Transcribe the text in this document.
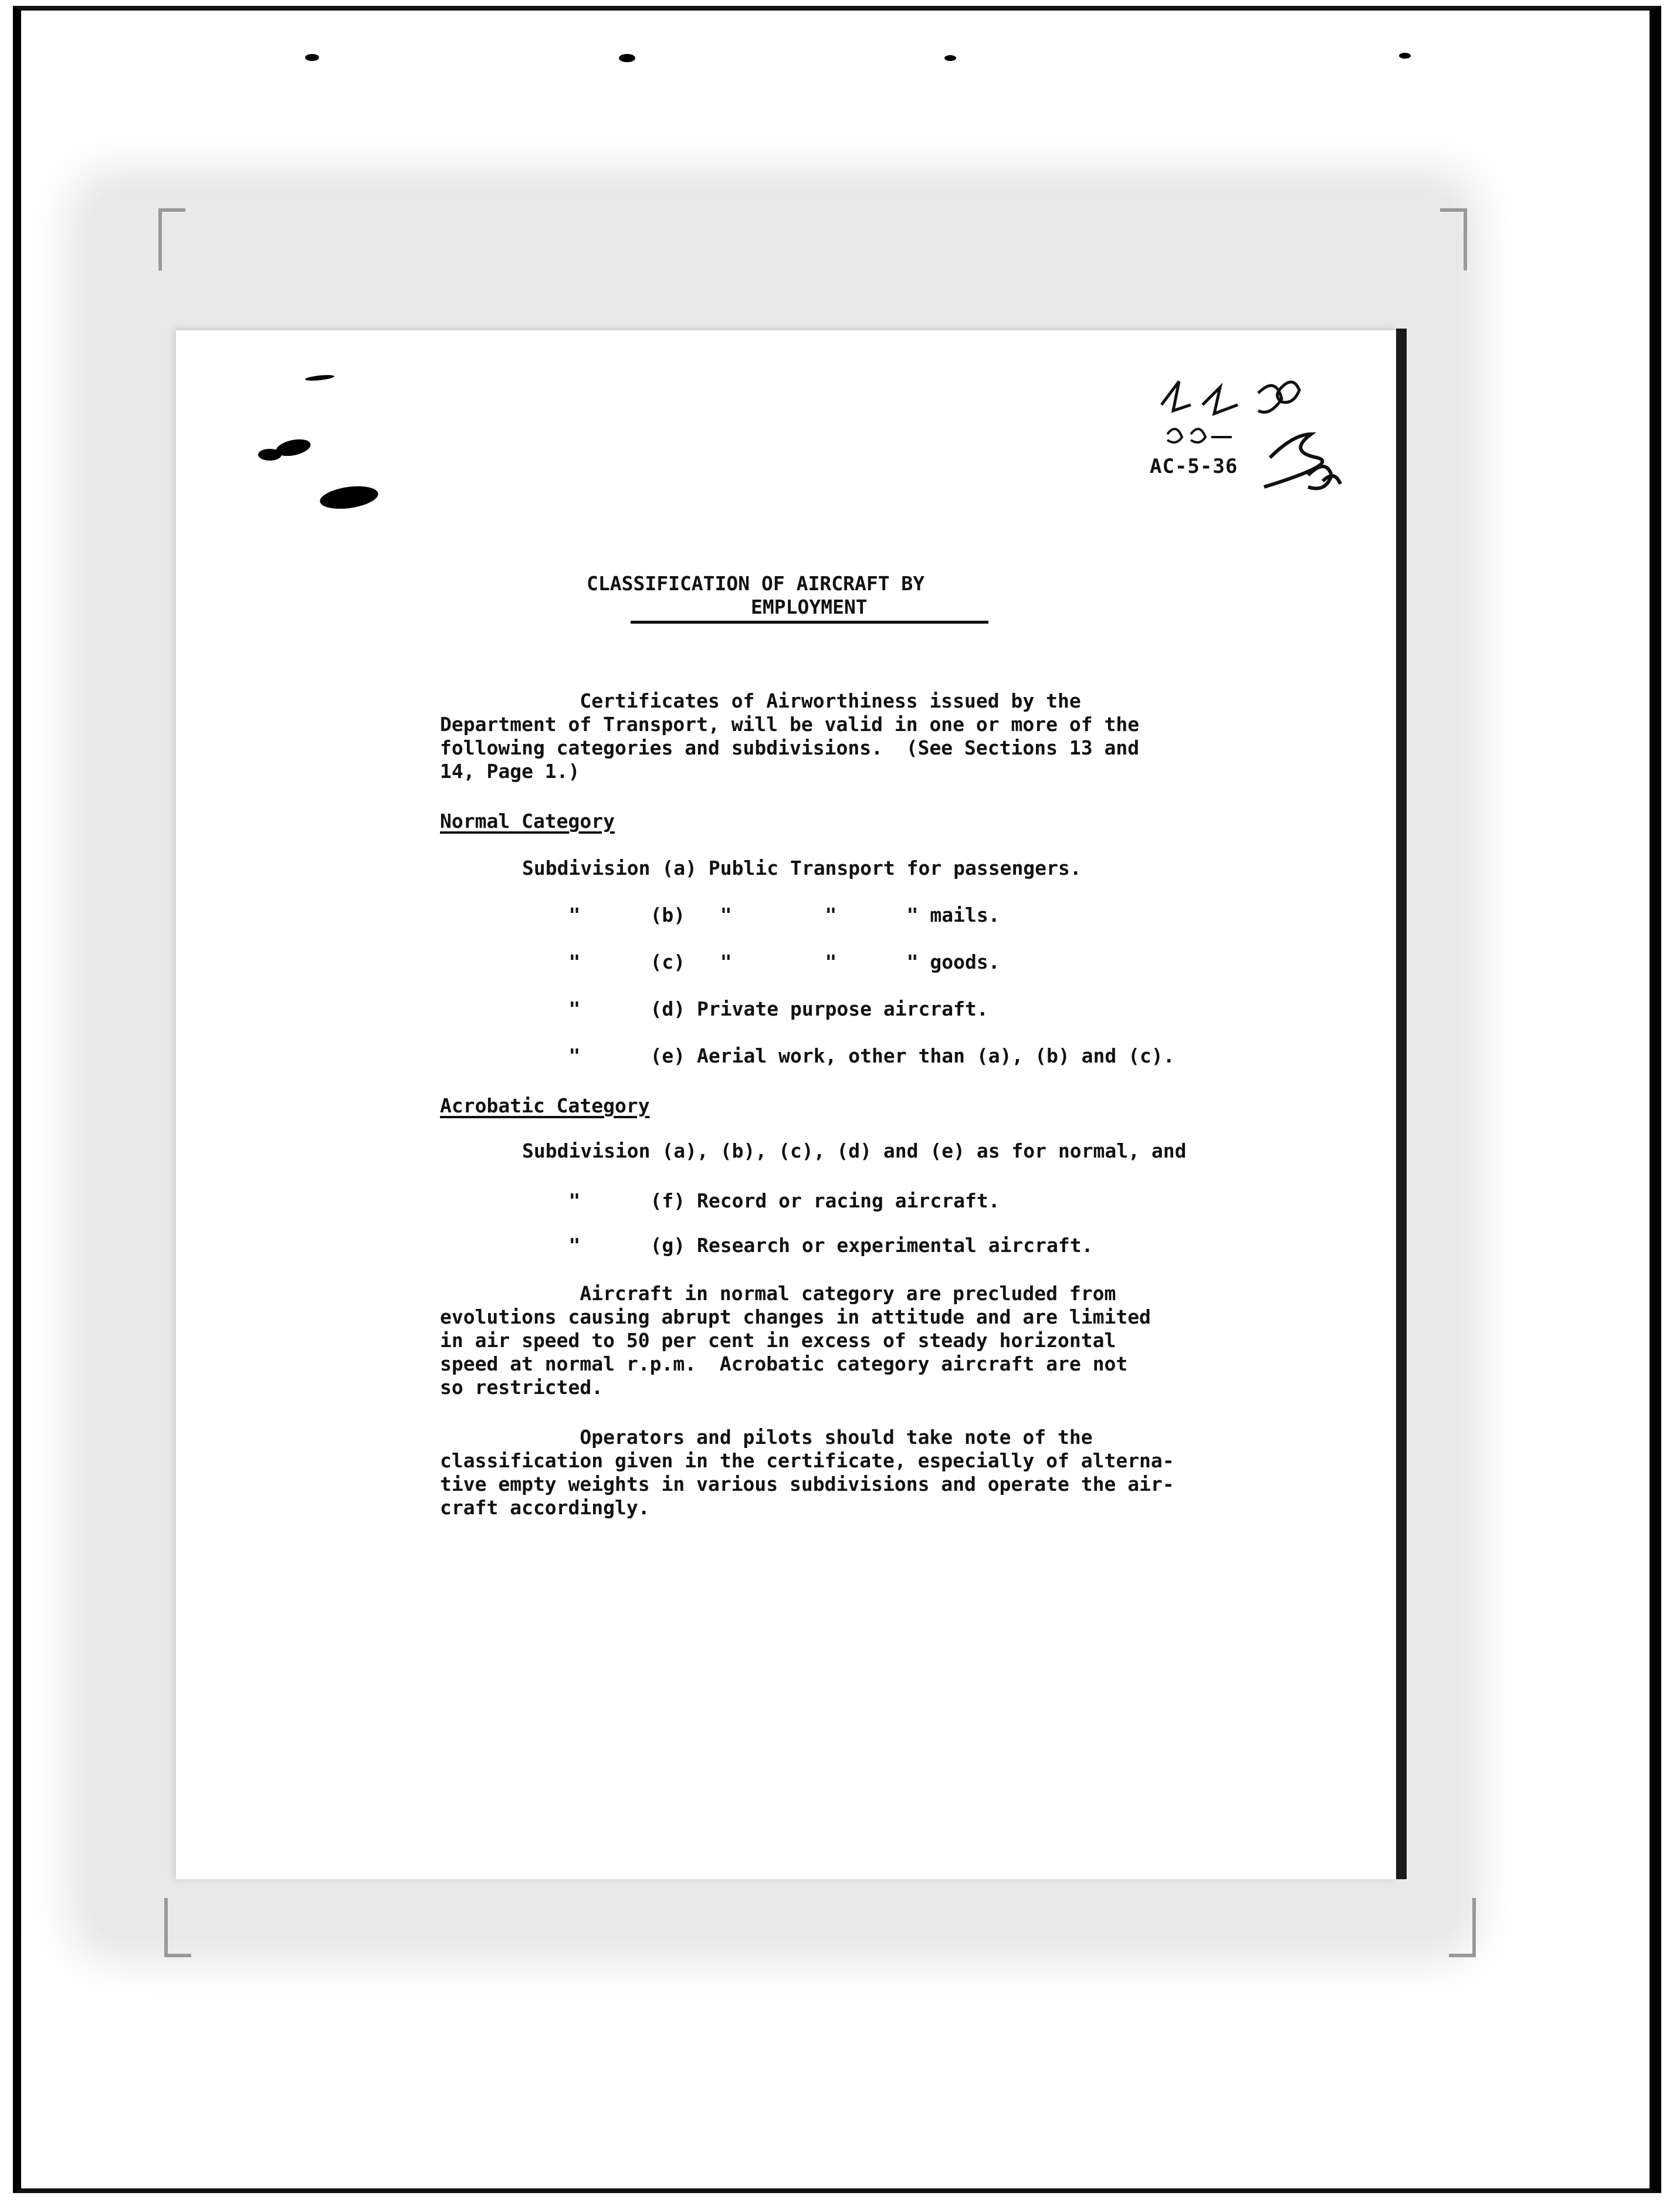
AC-5-36
CLASSIFICATION OF AIRCRAFT BY
EMPLOYMENT
Certificates of Airworthiness issued by the
Department of Transport, will be valid in one or more of the
following categories and subdivisions.  (See Sections 13 and
14, Page 1.)
Normal Category
Subdivision (a) Public Transport for passengers.
"      (b)   "        "      " mails.
"      (c)   "        "      " goods.
"      (d) Private purpose aircraft.
"      (e) Aerial work, other than (a), (b) and (c).
Acrobatic Category
Subdivision (a), (b), (c), (d) and (e) as for normal, and
"      (f) Record or racing aircraft.
"      (g) Research or experimental aircraft.
Aircraft in normal category are precluded from
evolutions causing abrupt changes in attitude and are limited
in air speed to 50 per cent in excess of steady horizontal
speed at normal r.p.m.  Acrobatic category aircraft are not
so restricted.
Operators and pilots should take note of the
classification given in the certificate, especially of alterna-
tive empty weights in various subdivisions and operate the air-
craft accordingly.
